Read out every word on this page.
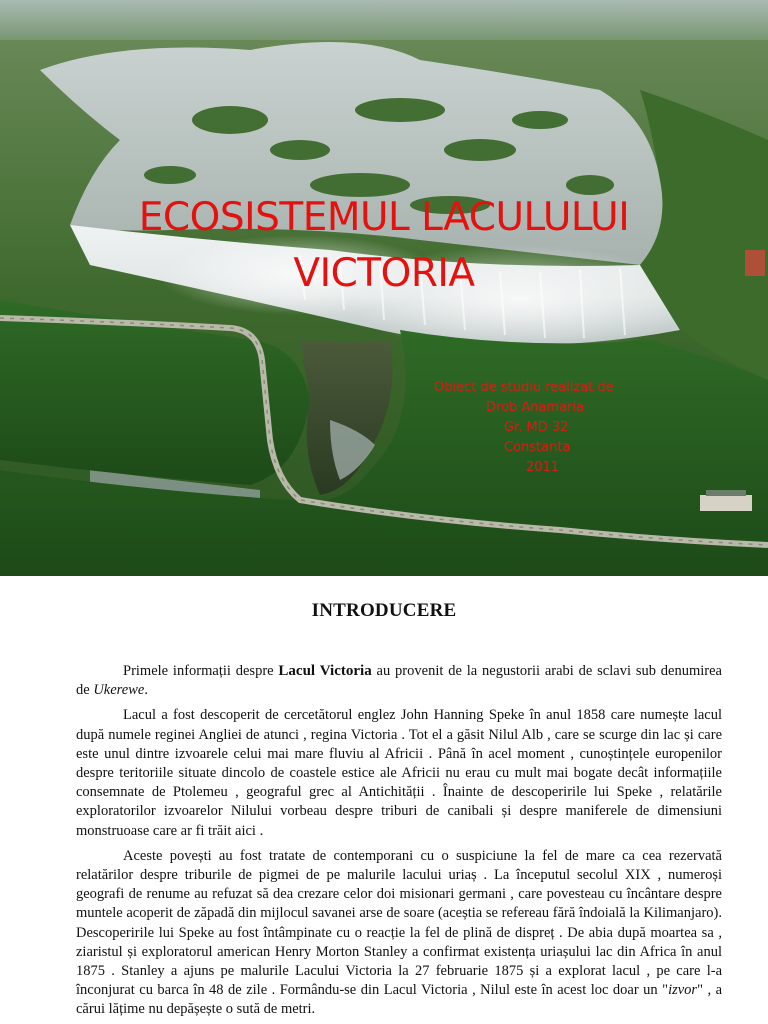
ECOSISTEMUL LACULULUI
VICTORIA
Obiect de studiu realizat de
Drob Anamaria
Gr. MD 32
Constanta
2011
INTRODUCERE

Primele informații despre Lacul Victoria au provenit de la negustorii arabi de sclavi sub denumirea de Ukerewe.

Lacul a fost descoperit de cercetătorul englez John Hanning Speke în anul 1858 care numește lacul după numele reginei Angliei de atunci , regina Victoria . Tot el a găsit Nilul Alb , care se scurge din lac și care este unul dintre izvoarele celui mai mare fluviu al Africii . Până în acel moment , cunoștințele europenilor despre teritoriile situate dincolo de coastele estice ale Africii nu erau cu mult mai bogate decât informațiile consemnate de Ptolemeu , geograful grec al Antichității . Înainte de descoperirile lui Speke , relatările exploratorilor izvoarelor Nilului vorbeau despre triburi de canibali și despre maniferele de dimensiuni monstruoase care ar fi trăit aici .

Aceste povești au fost tratate de contemporani cu o suspiciune la fel de mare ca cea rezervată relatărilor despre triburile de pigmei de pe malurile lacului uriaș . La începutul secolul XIX , numeroși geografi de renume au refuzat să dea crezare celor doi misionari germani , care povesteau cu încântare despre muntele acoperit de zăpadă din mijlocul savanei arse de soare (aceștia se refereau fără îndoială la Kilimanjaro). Descoperirile lui Speke au fost întâmpinate cu o reacție la fel de plină de dispreț . De abia după moartea sa , ziaristul și exploratorul american Henry Morton Stanley a confirmat existența uriașului lac din Africa în anul 1875 . Stanley a ajuns pe malurile Lacului Victoria la 27 februarie 1875 și a explorat lacul , pe care l-a înconjurat cu barca în 48 de zile . Formându-se din Lacul Victoria , Nilul este în acest loc doar un "izvor" , a cărui lățime nu depășește o sută de metri.
